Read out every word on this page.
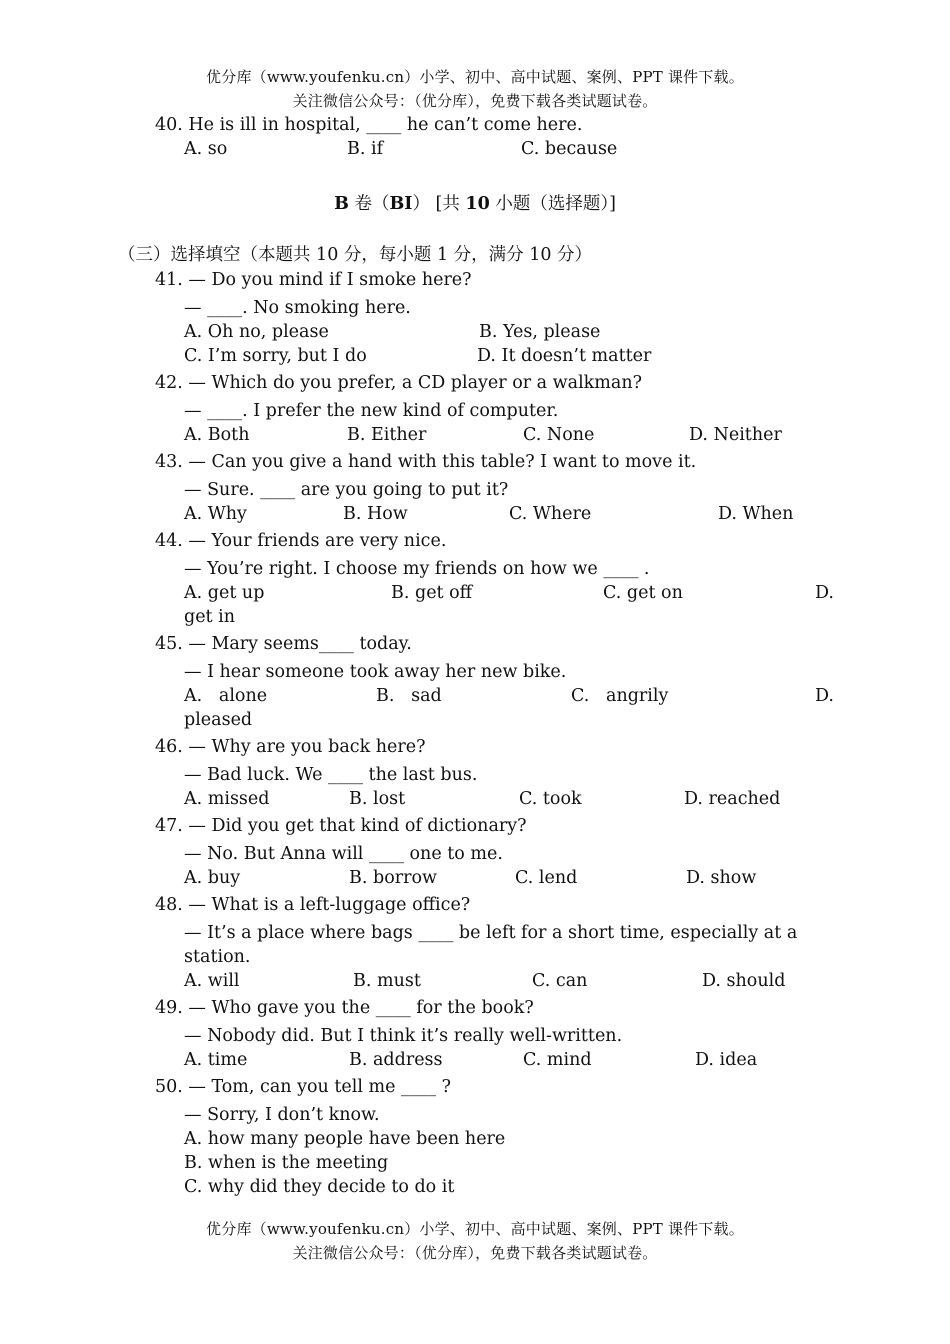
优分库（www.youfenku.cn）小学、初中、高中试题、案例、PPT 课件下载。
关注微信公众号：（优分库），免费下载各类试题试卷。
40. He is ill in hospital, ____ he can’t come here.
A. so	B. if	C. because
B 卷（BI） [共 10 小题（选择题）]
（三）选择填空（本题共 10 分，每小题 1 分，满分 10 分）
41. — Do you mind if I smoke here?
— ____. No smoking here.
A. Oh no, please	B. Yes, please
C. I’m sorry, but I do	D. It doesn’t matter
42. — Which do you prefer, a CD player or a walkman?
— ____. I prefer the new kind of computer.
A. Both	B. Either	C. None	D. Neither
43. — Can you give a hand with this table? I want to move it.
— Sure. ____ are you going to put it?
A. Why	B. How	C. Where	D. When
44. — Your friends are very nice.
— You’re right. I choose my friends on how we ____ .
A. get up	B. get off	C. get on	D.
get in
45. — Mary seems____ today.
— I hear someone took away her new bike.
A.   alone	B.   sad	C.   angrily	D.
pleased
46. — Why are you back here?
— Bad luck. We ____ the last bus.
A. missed	B. lost	C. took	D. reached
47. — Did you get that kind of dictionary?
— No. But Anna will ____ one to me.
A. buy	B. borrow	C. lend	D. show
48. — What is a left-luggage office?
— It’s a place where bags ____ be left for a short time, especially at a
station.
A. will	B. must	C. can	D. should
49. — Who gave you the ____ for the book?
— Nobody did. But I think it’s really well-written.
A. time	B. address	C. mind	D. idea
50. — Tom, can you tell me ____ ?
— Sorry, I don’t know.
A. how many people have been here
B. when is the meeting
C. why did they decide to do it
优分库（www.youfenku.cn）小学、初中、高中试题、案例、PPT 课件下载。
关注微信公众号：（优分库），免费下载各类试题试卷。
